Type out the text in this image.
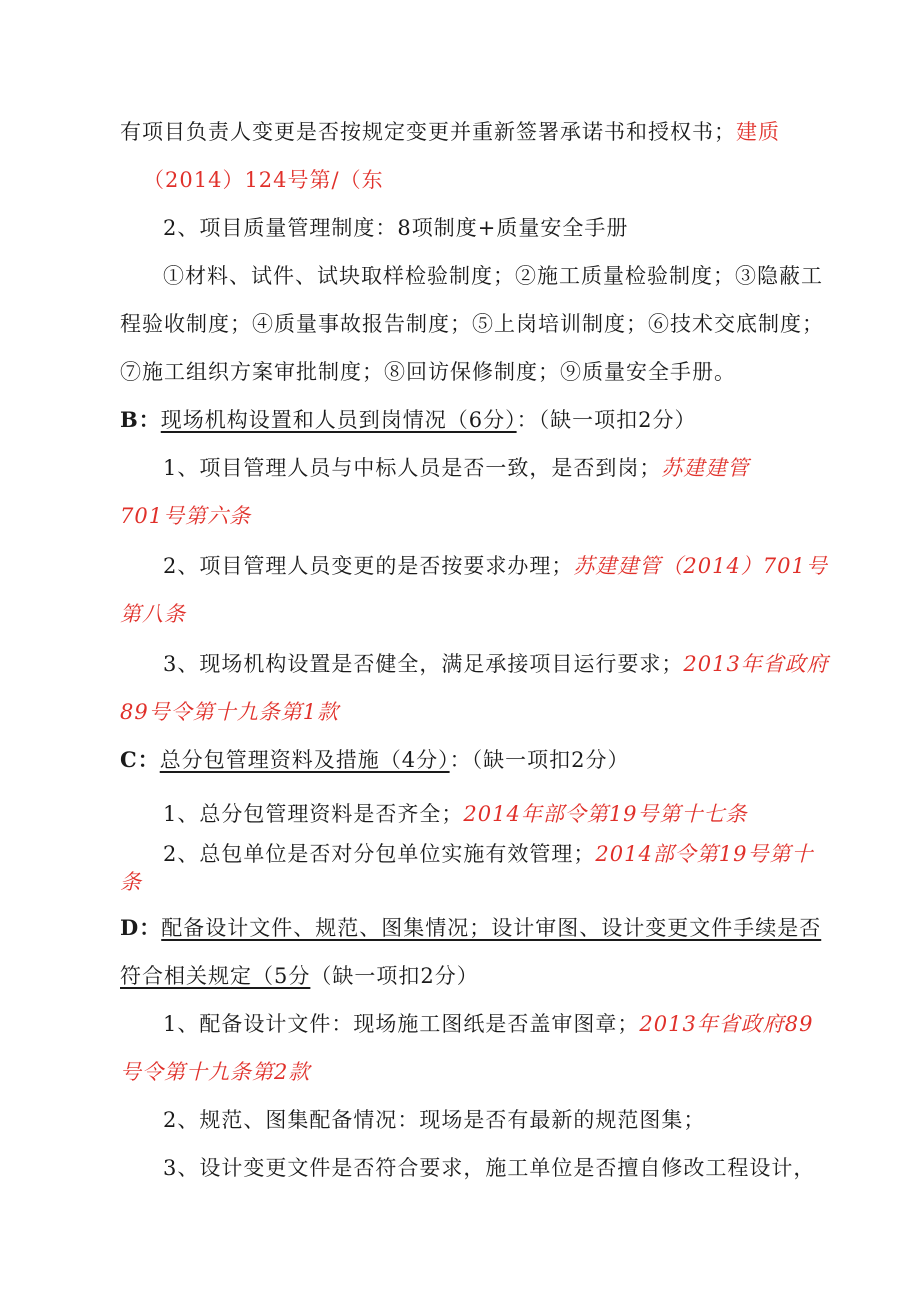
有项目负责人变更是否按规定变更并重新签署承诺书和授权书；建质
（2014）124号第/（东
2、项目质量管理制度：8项制度+质量安全手册
①材料、试件、试块取样检验制度；②施工质量检验制度；③隐蔽工
程验收制度；④质量事故报告制度；⑤上岗培训制度；⑥技术交底制度；
⑦施工组织方案审批制度；⑧回访保修制度；⑨质量安全手册。
B：现场机构设置和人员到岗情况（6分）：（缺一项扣2分）
1、项目管理人员与中标人员是否一致，是否到岗；苏建建管
701号第六条
2、项目管理人员变更的是否按要求办理；苏建建管（2014）701号
第八条
3、现场机构设置是否健全，满足承接项目运行要求；2013年省政府
89号令第十九条第1款
C：总分包管理资料及措施（4分）：（缺一项扣2分）
1、总分包管理资料是否齐全；2014年部令第19号第十七条
2、总包单位是否对分包单位实施有效管理；2014部令第19号第十
条
D：配备设计文件、规范、图集情况；设计审图、设计变更文件手续是否
符合相关规定（5分（缺一项扣2分）
1、配备设计文件：现场施工图纸是否盖审图章；2013年省政府89
号令第十九条第2款
2、规范、图集配备情况：现场是否有最新的规范图集；
3、设计变更文件是否符合要求，施工单位是否擅自修改工程设计，
